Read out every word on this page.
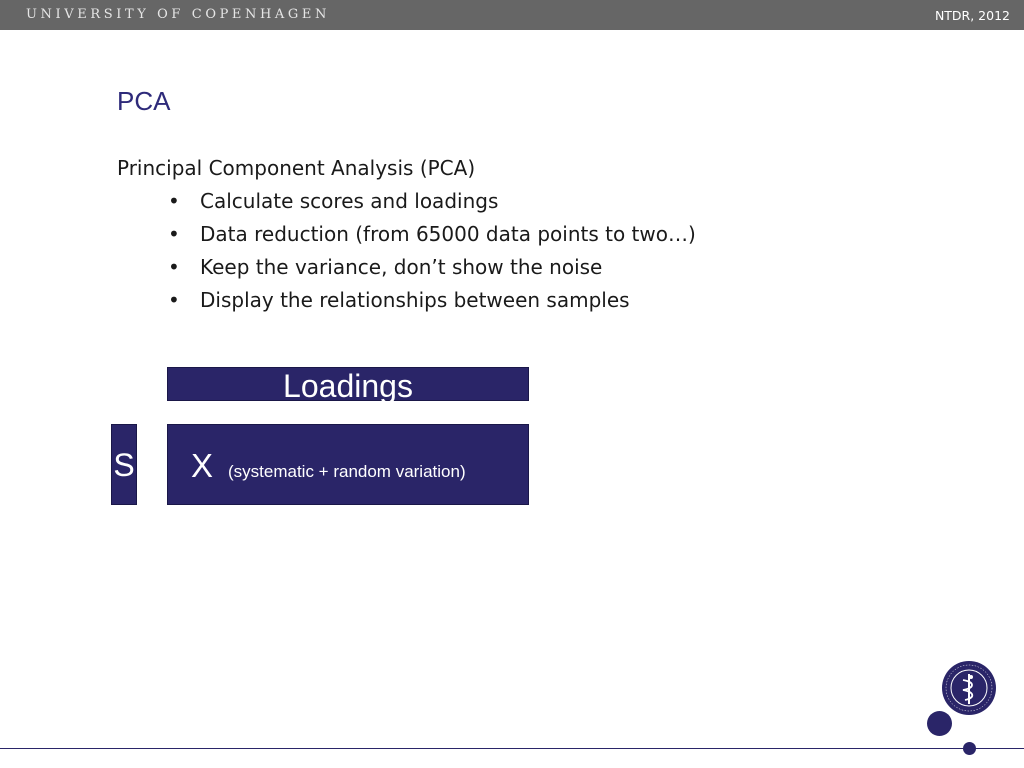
UNIVERSITY OF COPENHAGEN	NTDR, 2012
PCA
Principal Component Analysis (PCA)
• Calculate scores and loadings
• Data reduction (from 65000 data points to two…)
• Keep the variance, don’t show the noise
• Display the relationships between samples
Loadings
S X (systematic + random variation)
